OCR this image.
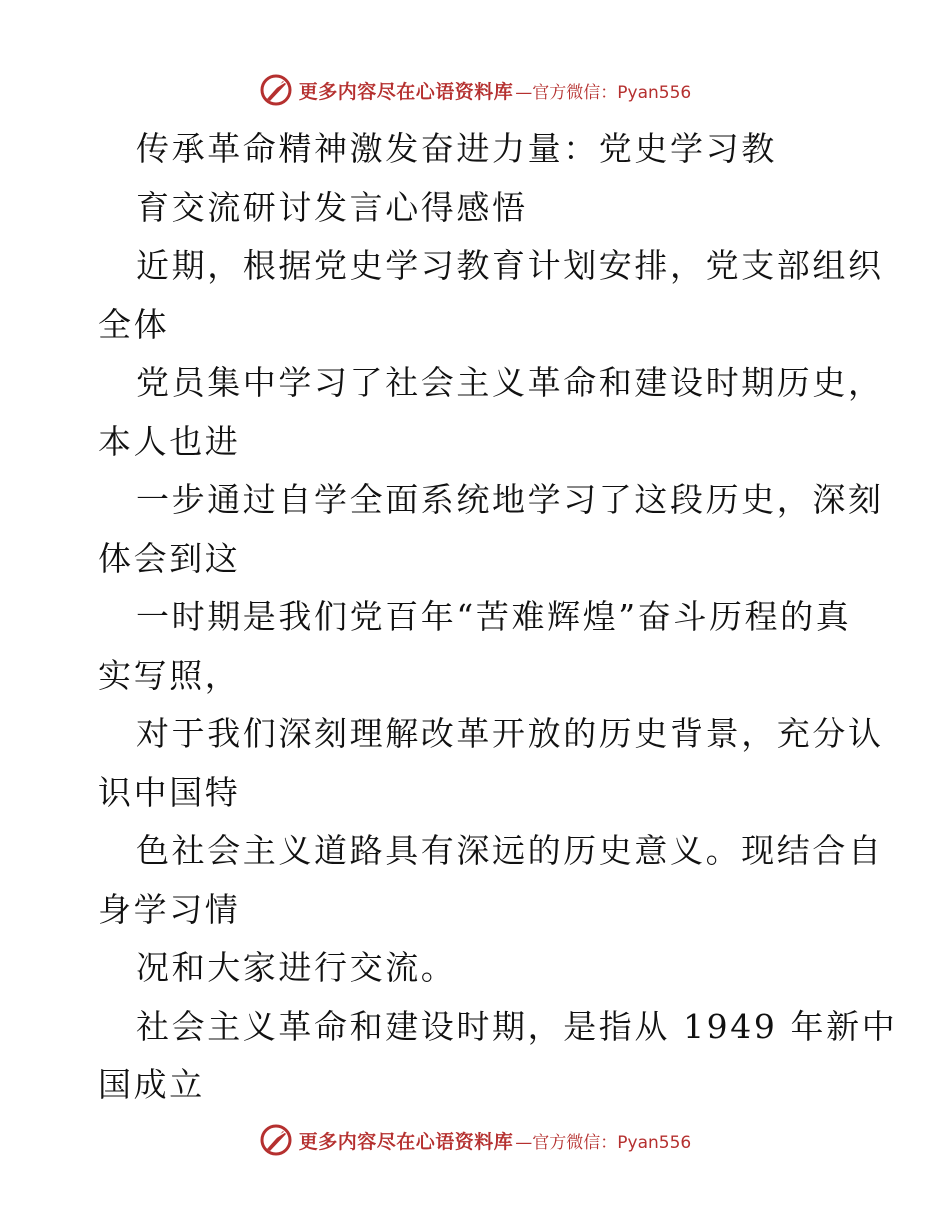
更多内容尽在心语资料库 —官方微信：Pyan556
传承革命精神激发奋进力量：党史学习教
育交流研讨发言心得感悟
近期，根据党史学习教育计划安排，党支部组织
全体
党员集中学习了社会主义革命和建设时期历史，
本人也进
一步通过自学全面系统地学习了这段历史，深刻
体会到这
一时期是我们党百年“苦难辉煌”奋斗历程的真
实写照，
对于我们深刻理解改革开放的历史背景，充分认
识中国特
色社会主义道路具有深远的历史意义。现结合自
身学习情
况和大家进行交流。
社会主义革命和建设时期，是指从 1949 年新中
国成立
更多内容尽在心语资料库 —官方微信：Pyan556
